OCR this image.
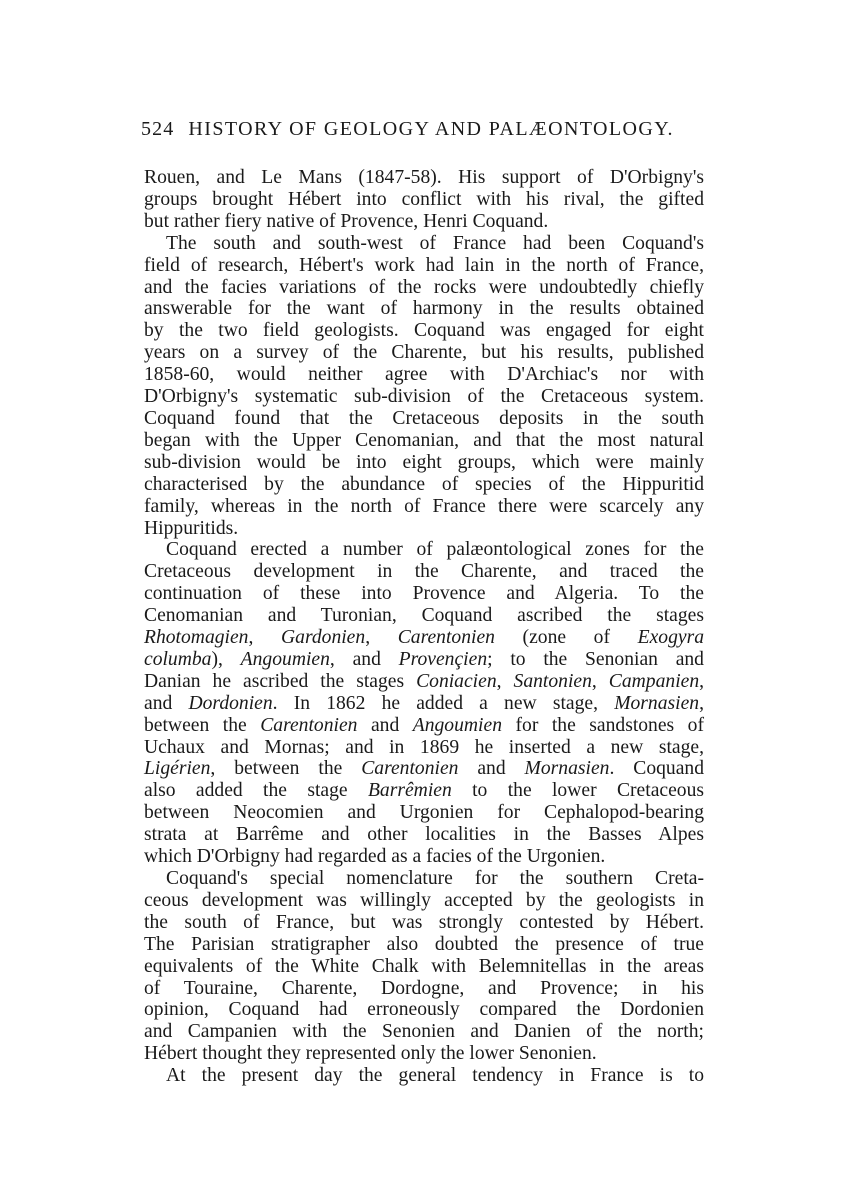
524 HISTORY OF GEOLOGY AND PALÆONTOLOGY.

Rouen, and Le Mans (1847-58). His support of D'Orbigny's
groups brought Hébert into conflict with his rival, the gifted
but rather fiery native of Provence, Henri Coquand.

The south and south-west of France had been Coquand's
field of research, Hébert's work had lain in the north of France,
and the facies variations of the rocks were undoubtedly chiefly
answerable for the want of harmony in the results obtained
by the two field geologists. Coquand was engaged for eight
years on a survey of the Charente, but his results, published
1858-60, would neither agree with D'Archiac's nor with
D'Orbigny's systematic sub-division of the Cretaceous system.
Coquand found that the Cretaceous deposits in the south
began with the Upper Cenomanian, and that the most natural
sub-division would be into eight groups, which were mainly
characterised by the abundance of species of the Hippuritid
family, whereas in the north of France there were scarcely any
Hippuritids.

Coquand erected a number of palæontological zones for the
Cretaceous development in the Charente, and traced the
continuation of these into Provence and Algeria. To the
Cenomanian and Turonian, Coquand ascribed the stages
Rhotomagien, Gardonien, Carentonien (zone of Exogyra
columba), Angoumien, and Provençien; to the Senonian and
Danian he ascribed the stages Coniacien, Santonien, Campanien,
and Dordonien. In 1862 he added a new stage, Mornasien,
between the Carentonien and Angoumien for the sandstones of
Uchaux and Mornas; and in 1869 he inserted a new stage,
Ligérien, between the Carentonien and Mornasien. Coquand
also added the stage Barrêmien to the lower Cretaceous
between Neocomien and Urgonien for Cephalopod-bearing
strata at Barrême and other localities in the Basses Alpes
which D'Orbigny had regarded as a facies of the Urgonien.

Coquand's special nomenclature for the southern Creta-
ceous development was willingly accepted by the geologists in
the south of France, but was strongly contested by Hébert.
The Parisian stratigrapher also doubted the presence of true
equivalents of the White Chalk with Belemnitellas in the areas
of Touraine, Charente, Dordogne, and Provence; in his
opinion, Coquand had erroneously compared the Dordonien
and Campanien with the Senonien and Danien of the north;
Hébert thought they represented only the lower Senonien.

At the present day the general tendency in France is to
